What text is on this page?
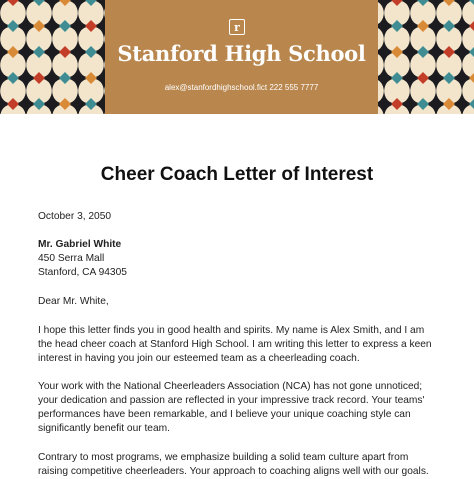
r
Stanford High School
alex@stanfordhighschool.fict 222 555 7777
Cheer Coach Letter of Interest
October 3, 2050
Mr. Gabriel White
450 Serra Mall
Stanford, CA 94305
Dear Mr. White,
I hope this letter finds you in good health and spirits. My name is Alex Smith, and I am
the head cheer coach at Stanford High School. I am writing this letter to express a keen
interest in having you join our esteemed team as a cheerleading coach.
Your work with the National Cheerleaders Association (NCA) has not gone unnoticed;
your dedication and passion are reflected in your impressive track record. Your teams'
performances have been remarkable, and I believe your unique coaching style can
significantly benefit our team.
Contrary to most programs, we emphasize building a solid team culture apart from
raising competitive cheerleaders. Your approach to coaching aligns well with our goals.
